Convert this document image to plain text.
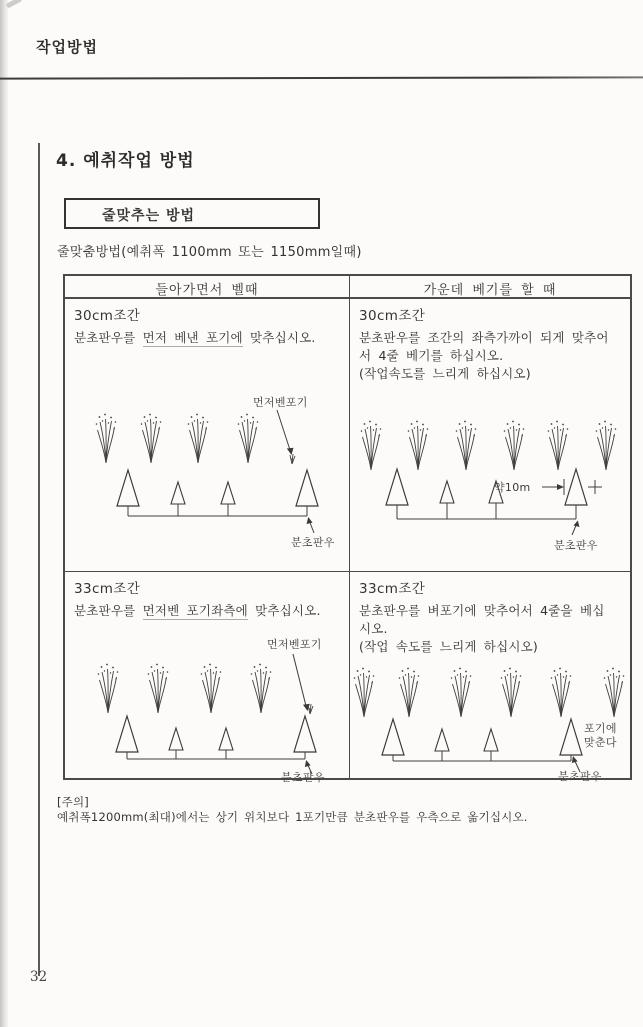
작업방법
4. 예취작업 방법
줄맞추는 방법
줄맞춤방법(예취폭 1100mm 또는 1150mm일때)
들아가면서 벨때	가운데 베기를 할 때
30cm조간
분초판우를 먼저 베낸 포기에 맞추십시오.
먼저벤포기
분초판우
30cm조간
분초판우를 조간의 좌측가까이 되게 맞추어
서 4줄 베기를 하십시오.
(작업속도를 느리게 하십시오)
약10m
분초판우
33cm조간
분초판우를 먼저벤 포기좌측에 맞추십시오.
먼저벤포기
분초판우
33cm조간
분초판우를 벼포기에 맞추어서 4줄을 베십
시오.
(작업 속도를 느리게 하십시오)
포기에
맞춘다
분초판우
[주의]
예취폭1200mm(최대)에서는 상기 위치보다 1포기만큼 분초판우를 우측으로 옮기십시오.
32
